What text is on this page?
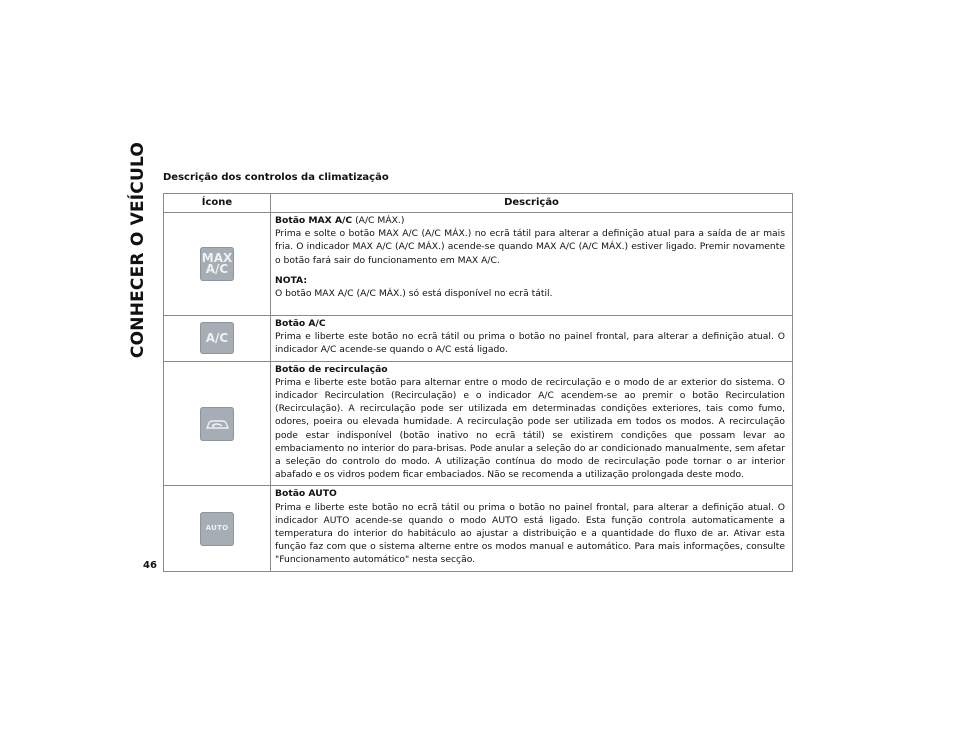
CONHECER O VEÍCULO
46
Descrição dos controlos da climatização
Ícone	Descrição

MAX
A/C	Botão MAX A/C (A/C MÁX.)
Prima e solte o botão MAX A/C (A/C MÁX.) no ecrã tátil para alterar a definição atual para a saída de ar mais fria. O indicador MAX A/C (A/C MÁX.) acende-se quando MAX A/C (A/C MÁX.) estiver ligado. Premir novamente o botão fará sair do funcionamento em MAX A/C.
NOTA:
O botão MAX A/C (A/C MÁX.) só está disponível no ecrã tátil.

A/C	Botão A/C
Prima e liberte este botão no ecrã tátil ou prima o botão no painel frontal, para alterar a definição atual. O indicador A/C acende-se quando o A/C está ligado.

	Botão de recirculação
Prima e liberte este botão para alternar entre o modo de recirculação e o modo de ar exterior do sistema. O indicador Recirculation (Recirculação) e o indicador A/C acendem-se ao premir o botão Recirculation (Recirculação). A recirculação pode ser utilizada em determinadas condições exteriores, tais como fumo, odores, poeira ou elevada humidade. A recirculação pode ser utilizada em todos os modos. A recirculação pode estar indisponível (botão inativo no ecrã tátil) se existirem condições que possam levar ao embaciamento no interior do para-brisas. Pode anular a seleção do ar condicionado manualmente, sem afetar a seleção do controlo do modo. A utilização contínua do modo de recirculação pode tornar o ar interior abafado e os vidros podem ficar embaciados. Não se recomenda a utilização prolongada deste modo.

AUTO	Botão AUTO
Prima e liberte este botão no ecrã tátil ou prima o botão no painel frontal, para alterar a definição atual. O indicador AUTO acende-se quando o modo AUTO está ligado. Esta função controla automaticamente a temperatura do interior do habitáculo ao ajustar a distribuição e a quantidade do fluxo de ar. Ativar esta função faz com que o sistema alterne entre os modos manual e automático. Para mais informações, consulte "Funcionamento automático" nesta secção.
